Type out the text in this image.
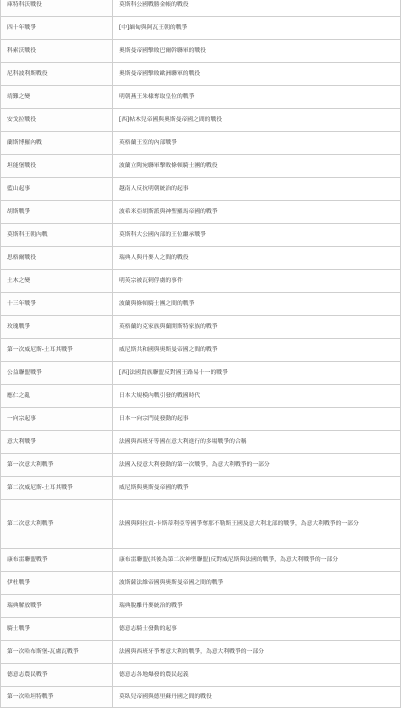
庫特科沃戰役	莫斯科公國戰勝金帳的戰役
四十年戰爭	[中]緬甸與阿瓦王朝的戰爭
科索沃戰役	奧斯曼帝國擊敗巴爾幹聯軍的戰役
尼科波利斯戰役	奧斯曼帝國擊敗歐洲聯軍的戰役
靖難之變	明朝燕王朱棣奪取皇位的戰爭
安戈拉戰役	[西]帖木兒帝國與奧斯曼帝國之間的戰役
蘭斯博羅內戰	英格蘭王室的內部戰爭
坦能堡戰役	波蘭立陶宛聯軍擊敗條頓騎士團的戰役
藍山起事	越南人反抗明朝統治的起事
胡斯戰爭	波希米亞胡斯派與神聖羅馬帝國的戰爭
莫斯科王朝內戰	莫斯科大公國內部的王位繼承戰爭
思格爾戰役	瑞典人與丹麥人之間的戰役
土木之變	明英宗被瓦剌俘虜的事件
十三年戰爭	波蘭與條頓騎士團之間的戰爭
玫瑰戰爭	英格蘭約克家族與蘭開斯特家族的戰爭
第一次威尼斯-土耳其戰爭	威尼斯共和國與奧斯曼帝國之間的戰爭
公益聯盟戰爭	[西]法國貴族聯盟反對國王路易十一的戰爭
應仁之亂	日本大規模內戰引發的戰國時代
一向宗起事	日本一向宗門徒發動的起事
意大利戰爭	法國與西班牙等國在意大利進行的多場戰爭的合稱
第一次意大利戰爭	法國入侵意大利發動的第一次戰爭，為意大利戰爭的一部分
第二次威尼斯-土耳其戰爭	威尼斯與奧斯曼帝國的戰爭
第二次意大利戰爭	法國與阿拉貢-卡斯蒂利亞等國爭奪那不勒斯王國及意大利北部的戰爭，為意大利戰爭的一部分
康布雷聯盟戰爭	康布雷聯盟(其後為第二次神聖聯盟)反對威尼斯與法國的戰爭，為意大利戰爭的一部分
伊杜戰爭	波斯薩法維帝國與奧斯曼帝國之間的戰爭
瑞典解放戰爭	瑞典脫離丹麥統治的戰爭
騎士戰爭	德意志騎士發動的起事
第一次哈布斯堡-瓦盧瓦戰爭	法國與西班牙爭奪意大利的戰爭，為意大利戰爭的一部分
德意志農民戰爭	德意志各地爆發的農民起義
第一次哈坦特戰爭	莫臥兒帝國與德里蘇丹國之間的戰役
